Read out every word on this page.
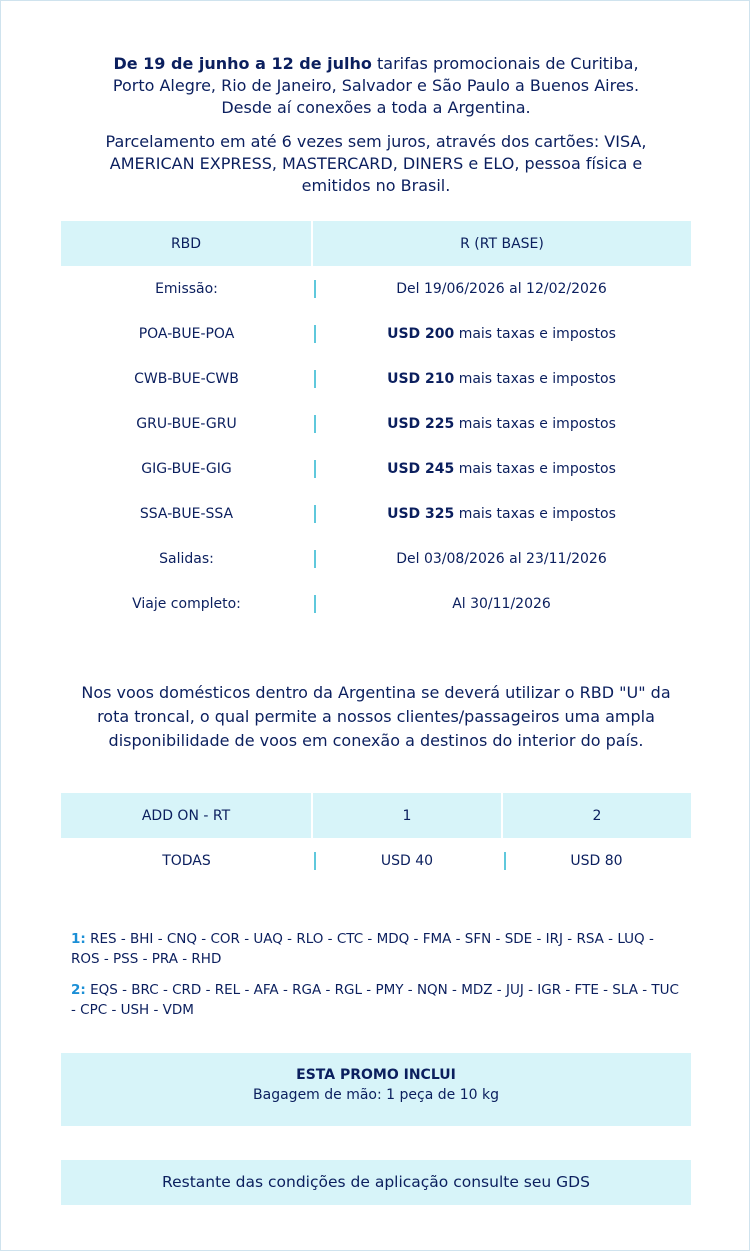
De 19 de junho a 12 de julho tarifas promocionais de Curitiba, Porto Alegre, Rio de Janeiro, Salvador e São Paulo a Buenos Aires. Desde aí conexões a toda a Argentina.
Parcelamento em até 6 vezes sem juros, através dos cartões: VISA, AMERICAN EXPRESS, MASTERCARD, DINERS e ELO, pessoa física e emitidos no Brasil.
RBD	R (RT BASE)
Emissão:	Del 19/06/2026 al 12/02/2026
POA-BUE-POA	USD 200 mais taxas e impostos
CWB-BUE-CWB	USD 210 mais taxas e impostos
GRU-BUE-GRU	USD 225 mais taxas e impostos
GIG-BUE-GIG	USD 245 mais taxas e impostos
SSA-BUE-SSA	USD 325 mais taxas e impostos
Salidas:	Del 03/08/2026 al 23/11/2026
Viaje completo:	Al 30/11/2026
Nos voos domésticos dentro da Argentina se deverá utilizar o RBD "U" da rota troncal, o qual permite a nossos clientes/passageiros uma ampla disponibilidade de voos em conexão a destinos do interior do país.
ADD ON - RT	1	2
TODAS	USD 40	USD 80
1: RES - BHI - CNQ - COR - UAQ - RLO - CTC - MDQ - FMA - SFN - SDE - IRJ - RSA - LUQ - ROS - PSS - PRA - RHD
2: EQS - BRC - CRD - REL - AFA - RGA - RGL - PMY - NQN - MDZ - JUJ - IGR - FTE - SLA - TUC - CPC - USH - VDM
ESTA PROMO INCLUI
Bagagem de mão: 1 peça de 10 kg
Restante das condições de aplicação consulte seu GDS
